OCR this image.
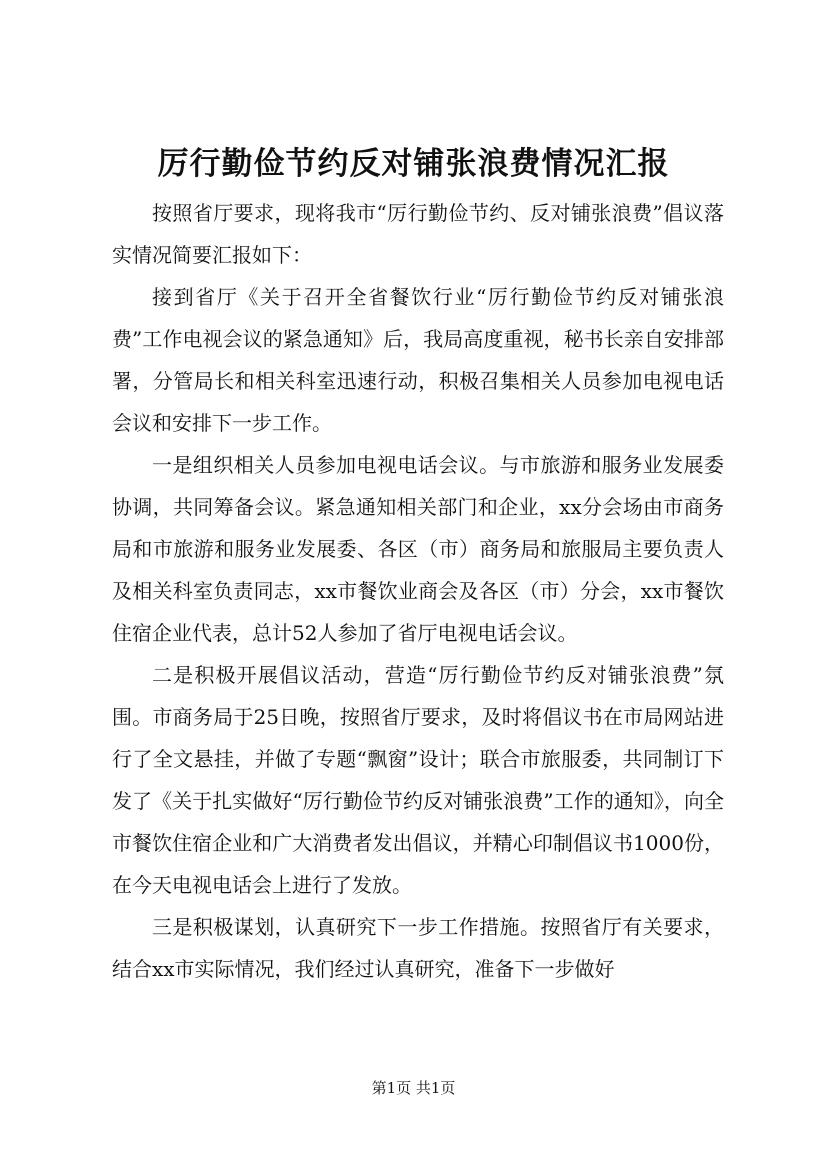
厉行勤俭节约反对铺张浪费情况汇报

按照省厅要求，现将我市“厉行勤俭节约、反对铺张浪费”倡议落实情况简要汇报如下：

接到省厅《关于召开全省餐饮行业“厉行勤俭节约反对铺张浪费”工作电视会议的紧急通知》后，我局高度重视，秘书长亲自安排部署，分管局长和相关科室迅速行动，积极召集相关人员参加电视电话会议和安排下一步工作。

一是组织相关人员参加电视电话会议。与市旅游和服务业发展委协调，共同筹备会议。紧急通知相关部门和企业，xx分会场由市商务局和市旅游和服务业发展委、各区（市）商务局和旅服局主要负责人及相关科室负责同志，xx市餐饮业商会及各区（市）分会，xx市餐饮住宿企业代表，总计52人参加了省厅电视电话会议。

二是积极开展倡议活动，营造“厉行勤俭节约反对铺张浪费”氛围。市商务局于25日晚，按照省厅要求，及时将倡议书在市局网站进行了全文悬挂，并做了专题“飘窗”设计；联合市旅服委，共同制订下发了《关于扎实做好“厉行勤俭节约反对铺张浪费”工作的通知》，向全市餐饮住宿企业和广大消费者发出倡议，并精心印制倡议书1000份，在今天电视电话会上进行了发放。

三是积极谋划，认真研究下一步工作措施。按照省厅有关要求，结合xx市实际情况，我们经过认真研究，准备下一步做好

第1页 共1页
